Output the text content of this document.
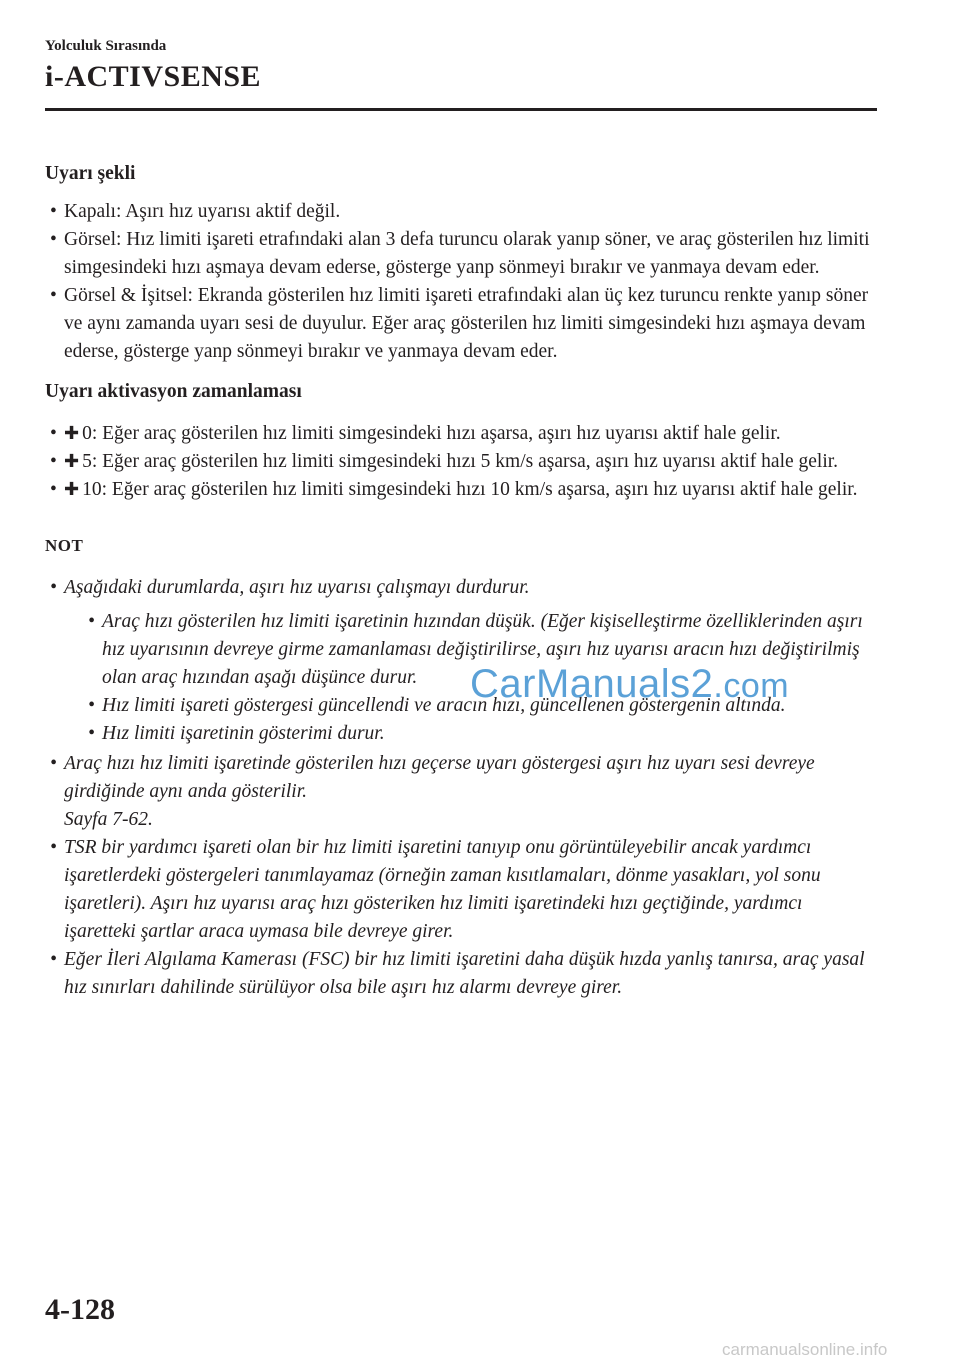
Yolculuk Sırasında
i-ACTIVSENSE

Uyarı şekli

• Kapalı: Aşırı hız uyarısı aktif değil.
• Görsel: Hız limiti işareti etrafındaki alan 3 defa turuncu olarak yanıp söner, ve araç gösterilen hız limiti simgesindeki hızı aşmaya devam ederse, gösterge yanp sönmeyi bırakır ve yanmaya devam eder.
• Görsel & İşitsel: Ekranda gösterilen hız limiti işareti etrafındaki alan üç kez turuncu renkte yanıp söner ve aynı zamanda uyarı sesi de duyulur. Eğer araç gösterilen hız limiti simgesindeki hızı aşmaya devam ederse, gösterge yanp sönmeyi bırakır ve yanmaya devam eder.

Uyarı aktivasyon zamanlaması

• ✚ 0: Eğer araç gösterilen hız limiti simgesindeki hızı aşarsa, aşırı hız uyarısı aktif hale gelir.
• ✚ 5: Eğer araç gösterilen hız limiti simgesindeki hızı 5 km/s aşarsa, aşırı hız uyarısı aktif hale gelir.
• ✚ 10: Eğer araç gösterilen hız limiti simgesindeki hızı 10 km/s aşarsa, aşırı hız uyarısı aktif hale gelir.
NOT
• Aşağıdaki durumlarda, aşırı hız uyarısı çalışmayı durdurur.
• Araç hızı gösterilen hız limiti işaretinin hızından düşük. (Eğer kişiselleştirme özelliklerinden aşırı hız uyarısının devreye girme zamanlaması değiştirilirse, aşırı hız uyarısı aracın hızı değiştirilmiş olan araç hızından aşağı düşünce durur.
• Hız limiti işareti göstergesi güncellendi ve aracın hızı, güncellenen göstergenin altında.
• Hız limiti işaretinin gösterimi durur.
• Araç hızı hız limiti işaretinde gösterilen hızı geçerse uyarı göstergesi aşırı hız uyarı sesi devreye girdiğinde aynı anda gösterilir.
Sayfa 7-62.
• TSR bir yardımcı işareti olan bir hız limiti işaretini tanıyıp onu görüntüleyebilir ancak yardımcı işaretlerdeki göstergeleri tanımlayamaz (örneğin zaman kısıtlamaları, dönme yasakları, yol sonu işaretleri). Aşırı hız uyarısı araç hızı gösteriken hız limiti işaretindeki hızı geçtiğinde, yardımcı işaretteki şartlar araca uymasa bile devreye girer.
• Eğer İleri Algılama Kamerası (FSC) bir hız limiti işaretini daha düşük hızda yanlış tanırsa, araç yasal hız sınırları dahilinde sürülüyor olsa bile aşırı hız alarmı devreye girer.
CarManuals2.com
4-128
carmanualsonline.info
